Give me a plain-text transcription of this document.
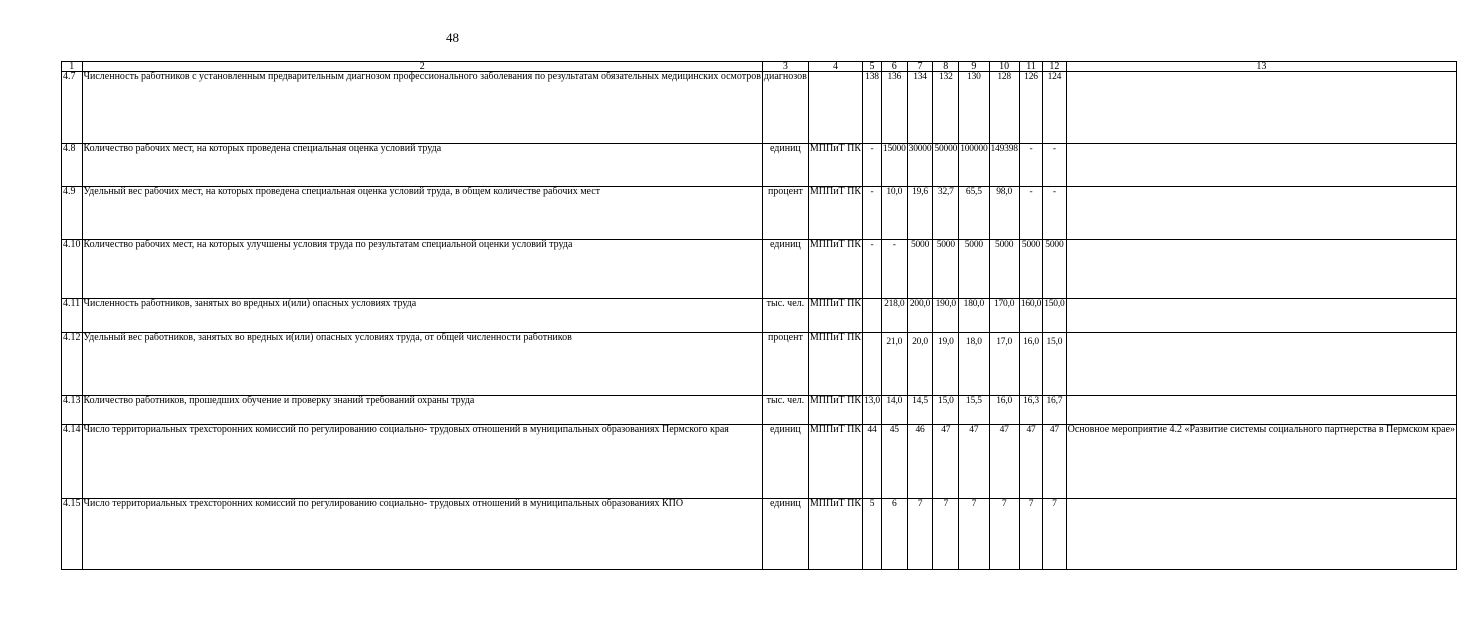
48
1	2	3	4	5	6	7	8	9	10	11	12	13
4.7	Численность работников с установленным предварительным диагнозом профессионального заболевания по результатам обязательных медицинских осмотров	диагнозов		138	136	134	132	130	128	126	124	
4.8	Количество рабочих мест, на которых проведена специальная оценка условий труда	единиц	МППиТ ПК	-	15000	30000	50000	100000	149398	-	-	
4.9	Удельный вес рабочих мест, на которых проведена специальная оценка условий труда, в общем количестве рабочих мест	процент	МППиТ ПК	-	10,0	19,6	32,7	65,5	98,0	-	-	
4.10	Количество рабочих мест, на которых улучшены условия труда по результатам специальной оценки условий труда	единиц	МППиТ ПК	-	-	5000	5000	5000	5000	5000	5000	
4.11	Численность работников, занятых во вредных и(или) опасных условиях труда	тыс. чел.	МППиТ ПК		218,0	200,0	190,0	180,0	170,0	160,0	150,0	
4.12	Удельный вес работников, занятых во вредных и(или) опасных условиях труда, от общей численности работников	процент	МППиТ ПК		21,0	20,0	19,0	18,0	17,0	16,0	15,0	
4.13	Количество работников, прошедших обучение и проверку знаний требований охраны труда	тыс. чел.	МППиТ ПК	13,0	14,0	14,5	15,0	15,5	16,0	16,3	16,7	
4.14	Число территориальных трехсторонних комиссий по регулированию социально- трудовых отношений в муниципальных образованиях Пермского края	единиц	МППиТ ПК	44	45	46	47	47	47	47	47	Основное мероприятие 4.2 «Развитие системы социального партнерства в Пермском крае»
4.15	Число территориальных трехсторонних комиссий по регулированию социально- трудовых отношений в муниципальных образованиях КПО	единиц	МППиТ ПК	5	6	7	7	7	7	7	7	
